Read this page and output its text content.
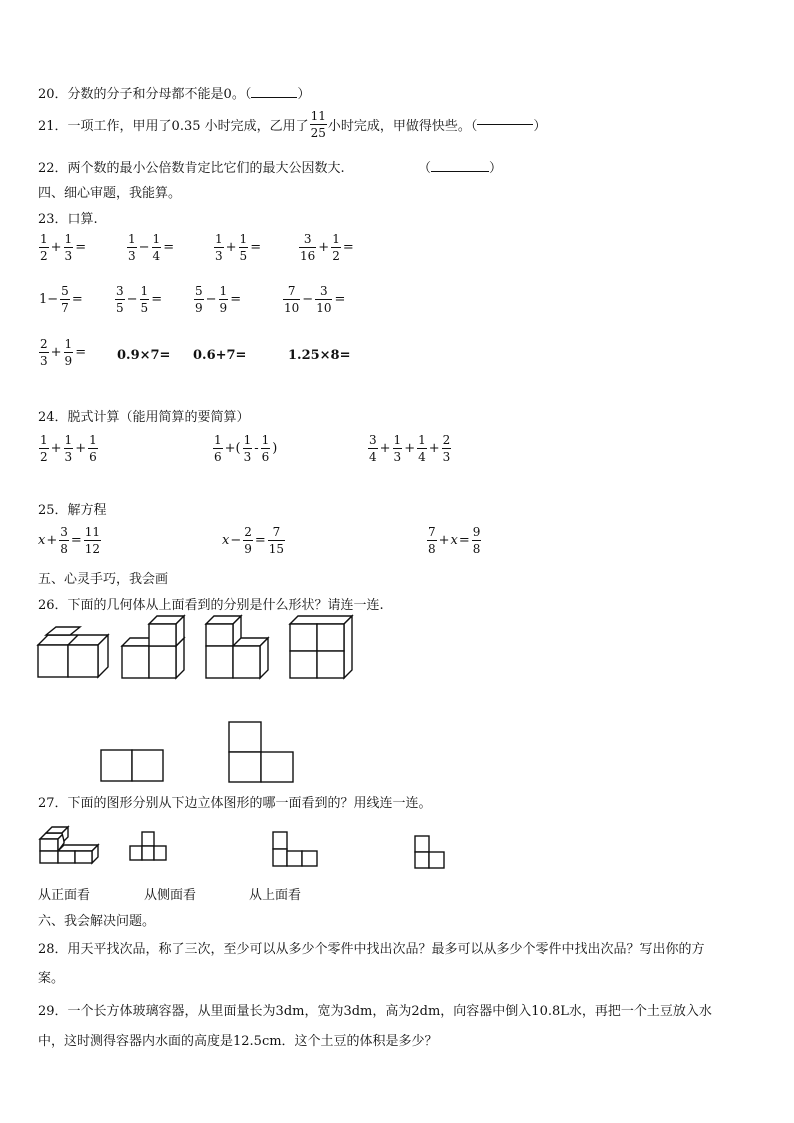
20．分数的分子和分母都不能是0。（	）
21．一项工作，甲用了0.35 小时完成，乙用了 $\frac{11}{25}$ 小时完成，甲做得快些。（	）
22．两个数的最小公倍数肯定比它们的最大公因数大.	（	）
四、细心审题，我能算。
23．口算.
$\frac{1}{2} + \frac{1}{3}$ =	$\frac{1}{3} - \frac{1}{4}$ =	$\frac{1}{3} + \frac{1}{5}$ =	$\frac{3}{16} + \frac{1}{2}$ =
$1- \frac{5}{7}$ =	$\frac{3}{5} - \frac{1}{5}$ =	$\frac{5}{9} - \frac{1}{9}$ =	$\frac{7}{10} - \frac{3}{10}$ =
$\frac{2}{3} + \frac{1}{9} = 0.9\times 7= 0.6+7=$	1.25×8=
24．脱式计算（能用简算的要简算）
$\frac{1}{2} + \frac{1}{3} + \frac{1}{6}$	$\frac{1}{6}$ +( $\frac{1}{3} - \frac{1}{6}$ )	$\frac{3}{4} + \frac{1}{3} + \frac{1}{4} + \frac{2}{3}$
25．解方程
$x + \frac{3}{8} = \frac{11}{12}$	$x - \frac{2}{9} = \frac{7}{15}$	$\frac{7}{8} + x = \frac{9}{8}$
五、心灵手巧，我会画
26．下面的几何体从上面看到的分别是什么形状？请连一连.
27．下面的图形分别从下边立体图形的哪一面看到的？用线连一连。
从正面看	从侧面看	从上面看
六、我会解决问题。
28．用天平找次品，称了三次，至少可以从多少个零件中找出次品？最多可以从多少个零件中找出次品？写出你的方
案。
29．一个长方体玻璃容器，从里面量长为3dm，宽为3dm，高为2dm，向容器中倒入10.8L水，再把一个土豆放入水
中，这时测得容器内水面的高度是12.5cm．这个土豆的体积是多少？
